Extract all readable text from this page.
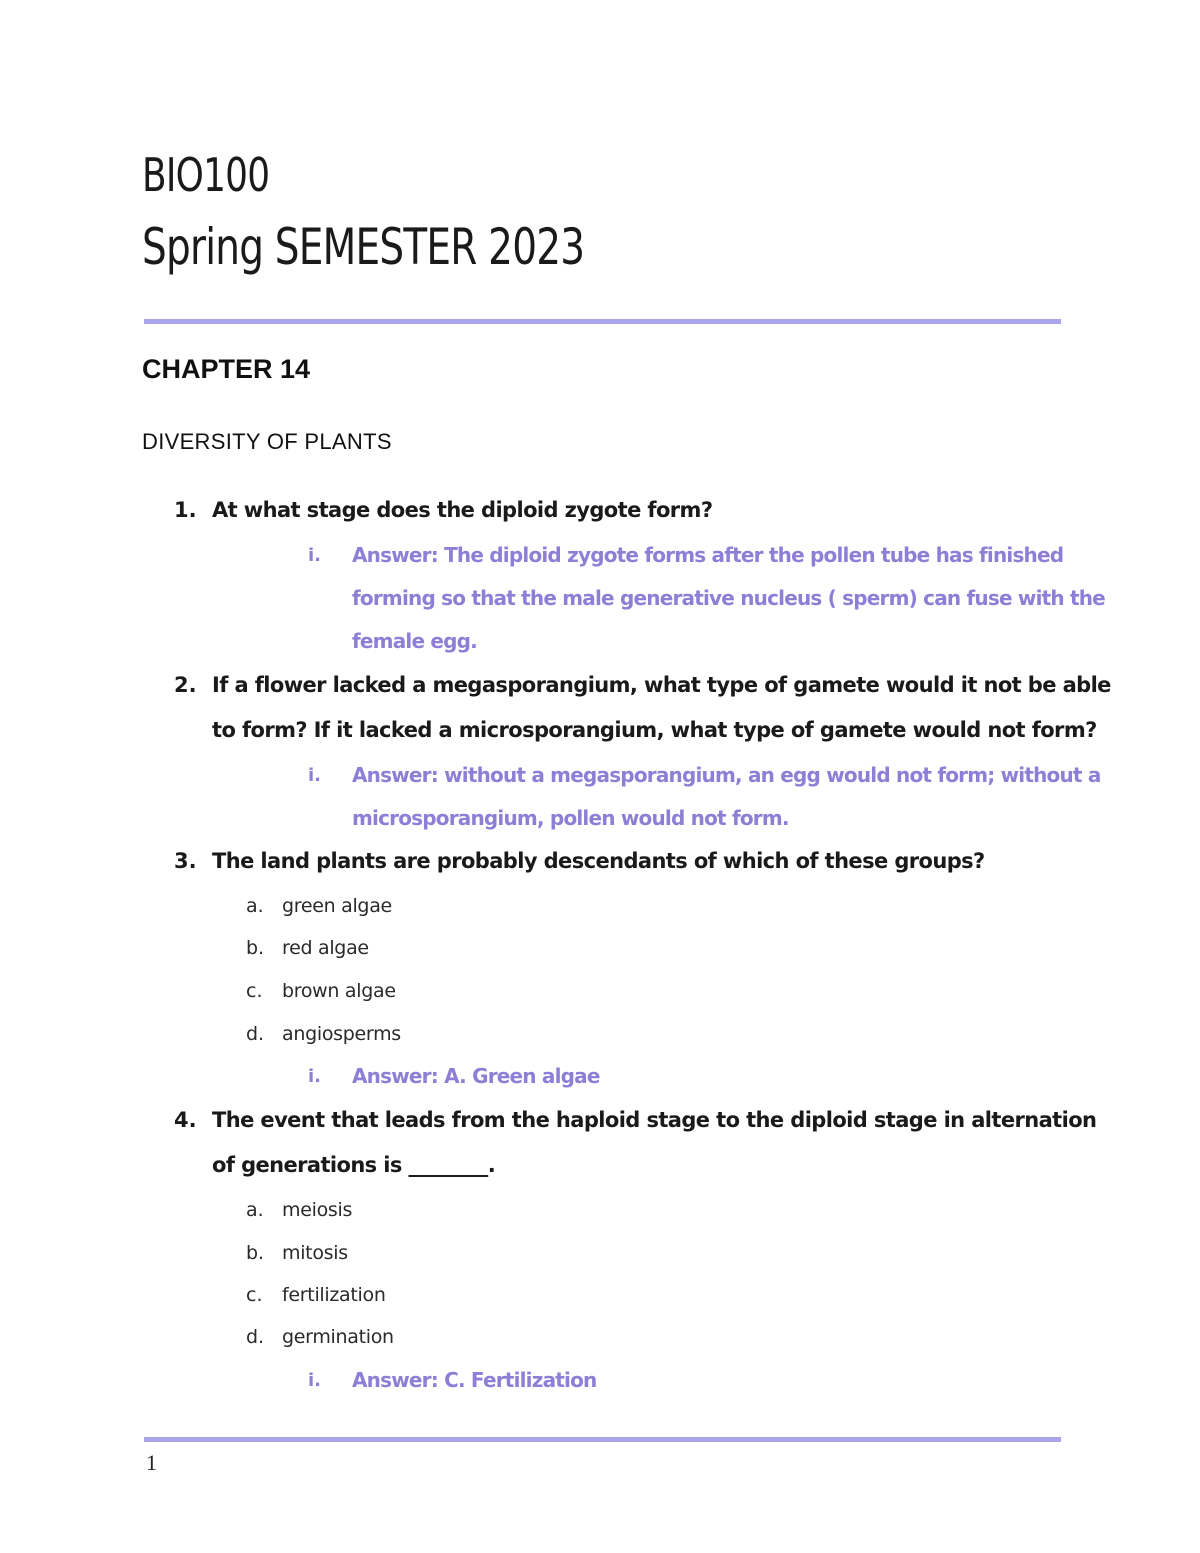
BIO100
Spring SEMESTER 2023
CHAPTER 14
DIVERSITY OF PLANTS
1. At what stage does the diploid zygote form?
i. Answer: The diploid zygote forms after the pollen tube has finished
forming so that the male generative nucleus ( sperm) can fuse with the
female egg.
2. If a flower lacked a megasporangium, what type of gamete would it not be able
to form? If it lacked a microsporangium, what type of gamete would not form?
i. Answer: without a megasporangium, an egg would not form; without a
microsporangium, pollen would not form.
3. The land plants are probably descendants of which of these groups?
a. green algae
b. red algae
c. brown algae
d. angiosperms
i. Answer: A. Green algae
4. The event that leads from the haploid stage to the diploid stage in alternation
of generations is ________.
a. meiosis
b. mitosis
c. fertilization
d. germination
i. Answer: C. Fertilization
1
